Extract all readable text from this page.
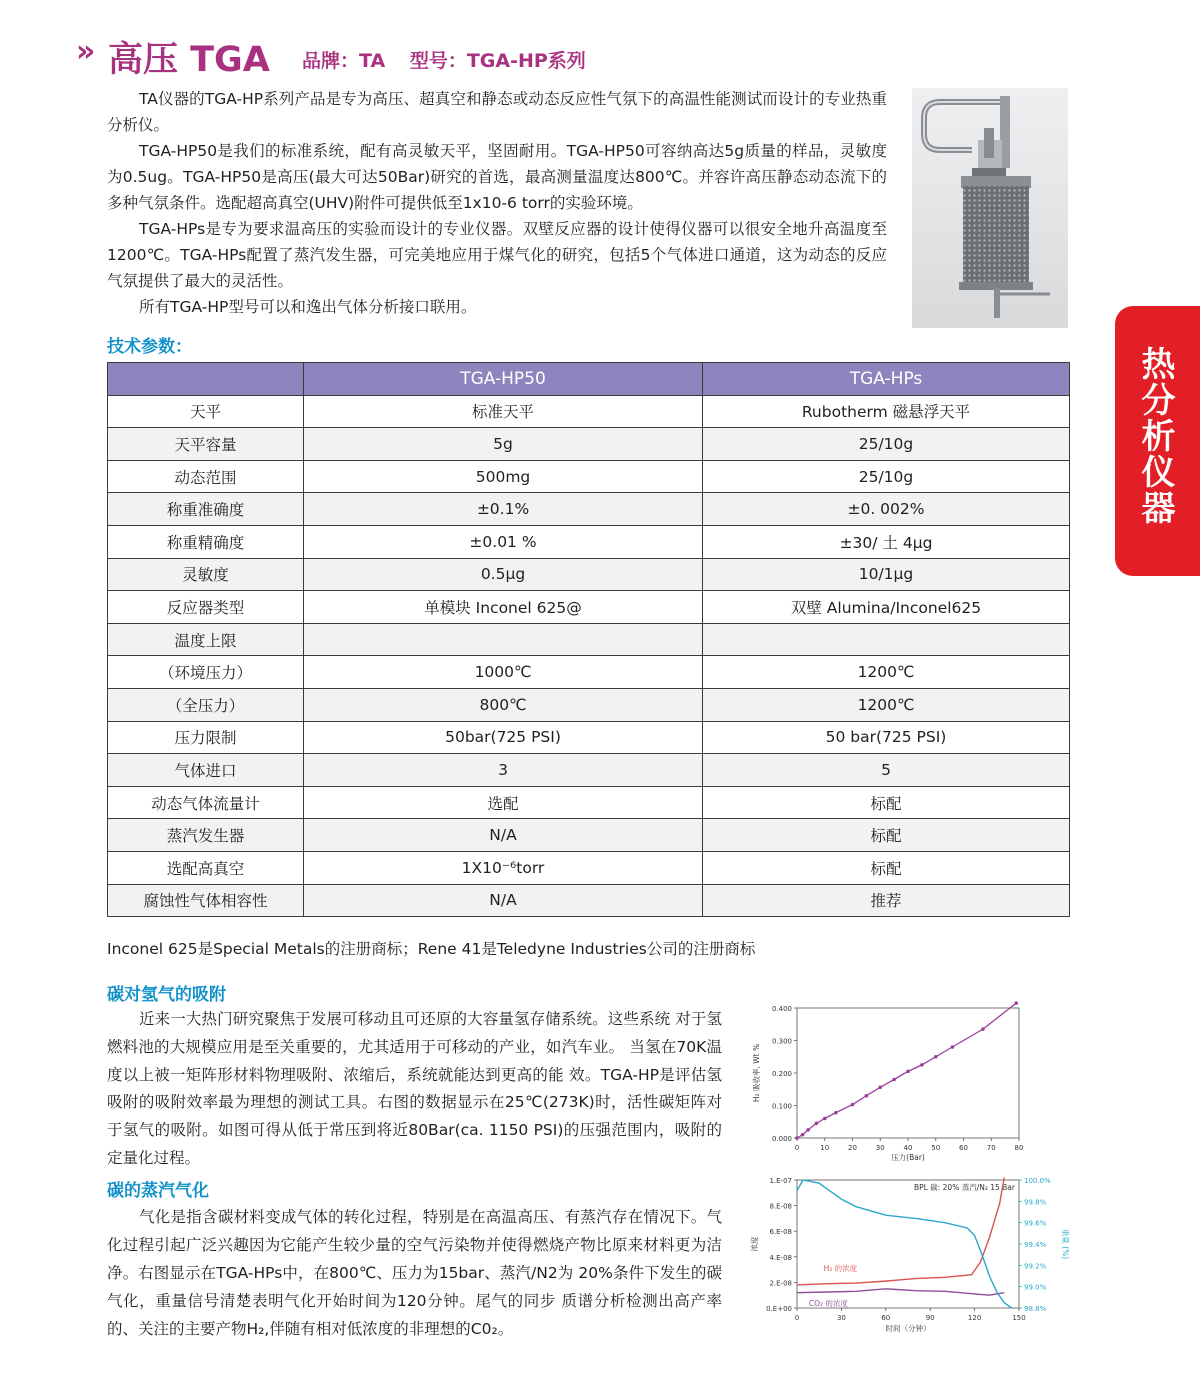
» 高压 TGA 品牌：TA 型号：TGA-HP系列
TA仪器的TGA-HP系列产品是专为高压、超真空和静态或动态反应性气氛下的高温性能测试而设计的专业热重分析仪。
TGA-HP50是我们的标准系统，配有高灵敏天平，坚固耐用。TGA-HP50可容纳高达5g质量的样品，灵敏度为0.5ug。TGA-HP50是高压(最大可达50Bar)研究的首选，最高测量温度达800℃。并容许高压静态动态流下的多种气氛条件。选配超高真空(UHV)附件可提供低至1x10-6 torr的实验环境。
TGA-HPs是专为要求温高压的实验而设计的专业仪器。双壁反应器的设计使得仪器可以很安全地升高温度至1200℃。TGA-HPs配置了蒸汽发生器，可完美地应用于煤气化的研究，包括5个气体进口通道，这为动态的反应气氛提供了最大的灵活性。
所有TGA-HP型号可以和逸出气体分析接口联用。
技术参数：
	TGA-HP50	TGA-HPs
天平	标准天平	Rubotherm 磁悬浮天平
天平容量	5g	25/10g
动态范围	500mg	25/10g
称重准确度	±0.1%	±0. 002%
称重精确度	±0.01 %	±30/ 土 4μg
灵敏度	0.5μg	10/1μg
反应器类型	单模块 Inconel 625@	双壁 Alumina/Inconel625
温度上限		
（环境压力）	1000℃	1200℃
（全压力）	800℃	1200℃
压力限制	50bar(725 PSI)	50 bar(725 PSI)
气体进口	3	5
动态气体流量计	选配	标配
蒸汽发生器	N/A	标配
选配高真空	1X10⁻⁶torr	标配
腐蚀性气体相容性	N/A	推荐
Inconel 625是Special Metals的注册商标；Rene 41是Teledyne Industries公司的注册商标
热分析仪器
碳对氢气的吸附
近来一大热门研究聚焦于发展可移动且可还原的大容量氢存储系统。这些系统 对于氢燃料池的大规模应用是至关重要的，尤其适用于可移动的产业，如汽车业。 当氢在70K温度以上被一矩阵形材料物理吸附、浓缩后，系统就能达到更高的能 效。TGA-HP是评估氢吸附的吸附效率最为理想的测试工具。右图的数据显示在25℃(273K)时，活性碳矩阵对于氢气的吸附。如图可得从低于常压到将近80Bar(ca. 1150 PSI)的压强范围内，吸附的定量化过程。
碳的蒸汽气化
气化是指含碳材料变成气体的转化过程，特别是在高温高压、有蒸汽存在情况下。气化过程引起广泛兴趣因为它能产生较少量的空气污染物并使得燃烧产物比原来材料更为洁净。右图显示在TGA-HPs中，在800℃、压力为15bar、蒸汽/N2为 20%条件下发生的碳气化，重量信号清楚表明气化开始时间为120分钟。尾气的同步 质谱分析检测出高产率的、关注的主要产物H₂,伴随有相对低浓度的非理想的C0₂。
0.000
0.100
0.200
0.300
0.400
0	10	20	30	40	50	60	70	80
压力(Bar)
H₂ 吸收率, Wt %
0.E+00
2.E-08
4.E-08
6.E-08
8.E-08
1.E-07
98.8%
99.0%
99.2%
99.4%
99.6%
99.8%
100.0%
0	30	60	90	120	150
时间（分钟）
浓度	重量 (%)
BPL 碳: 20% 蒸汽/N₂ 15 Bar
H₂ 的浓度
CO₂ 的浓度
